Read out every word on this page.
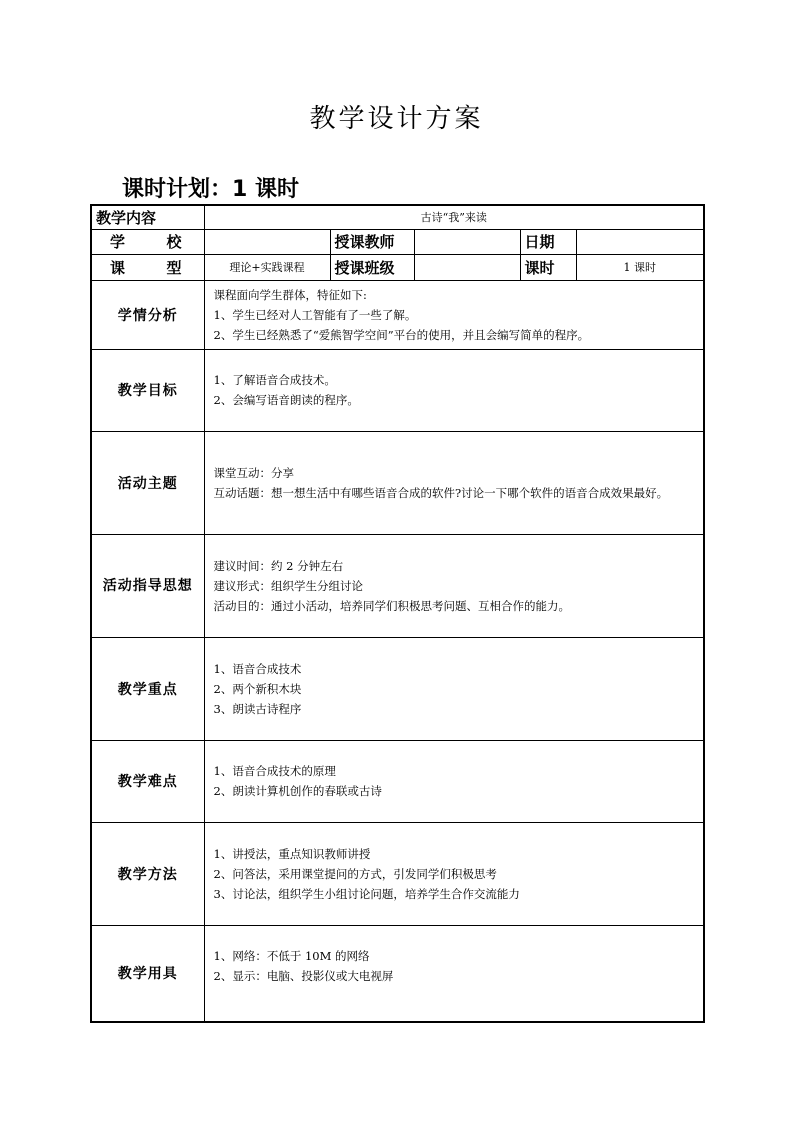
教学设计方案
课时计划：1 课时
教学内容	古诗“我”来读				

学 校		授课教师		日期	

课 型	理论+实践课程	授课班级		课时	1 课时
学情分析	课程面向学生群体，特征如下:
1、学生已经对人工智能有了一些了解。
2、学生已经熟悉了“爱熊智学空间”平台的使用，并且会编写简单的程序。				

教学目标	1、了解语音合成技术。
2、会编写语音朗读的程序。				

活动主题	课堂互动：分享
互动话题：想一想生活中有哪些语音合成的软件?讨论一下哪个软件的语音合成效果最好。				

活动指导思想	建议时间：约 2 分钟左右
建议形式：组织学生分组讨论
活动目的：通过小活动，培养同学们积极思考问题、互相合作的能力。				

教学重点	1、语音合成技术
2、两个新积木块
3、朗读古诗程序				

教学难点	1、语音合成技术的原理
2、朗读计算机创作的春联或古诗				

教学方法	1、讲授法，重点知识教师讲授
2、问答法，采用课堂提问的方式，引发同学们积极思考
3、讨论法，组织学生小组讨论问题，培养学生合作交流能力				

教学用具	1、网络：不低于 10M 的网络
2、显示：电脑、投影仪或大电视屏				
